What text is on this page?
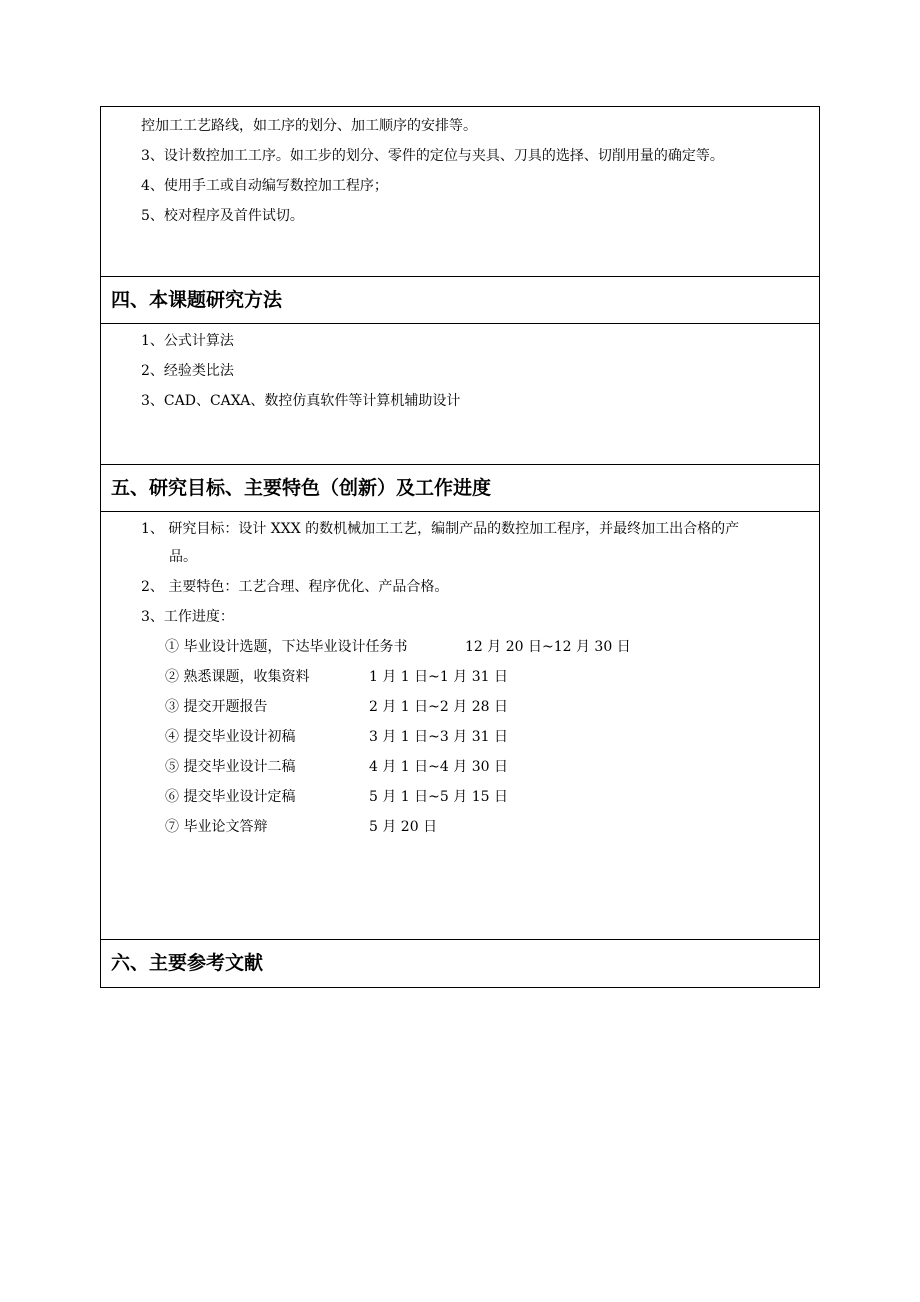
控加工工艺路线，如工序的划分、加工顺序的安排等。
3、设计数控加工工序。如工步的划分、零件的定位与夹具、刀具的选择、切削用量的确定等。
4、使用手工或自动编写数控加工程序；
5、校对程序及首件试切。
四、本课题研究方法
1、公式计算法
2、经验类比法
3、CAD、CAXA、数控仿真软件等计算机辅助设计
五、研究目标、主要特色（创新）及工作进度
1、 研究目标：设计 XXX 的数机械加工工艺，编制产品的数控加工程序，并最终加工出合格的产
品。
2、 主要特色：工艺合理、程序优化、产品合格。
3、工作进度：
① 毕业设计选题，下达毕业设计任务书	12 月 20 日~12 月 30 日
② 熟悉课题，收集资料	1 月 1 日~1 月 31 日
③ 提交开题报告	2 月 1 日~2 月 28 日
④ 提交毕业设计初稿	3 月 1 日~3 月 31 日
⑤ 提交毕业设计二稿	4 月 1 日~4 月 30 日
⑥ 提交毕业设计定稿	5 月 1 日~5 月 15 日
⑦ 毕业论文答辩	5 月 20 日
六、主要参考文献
